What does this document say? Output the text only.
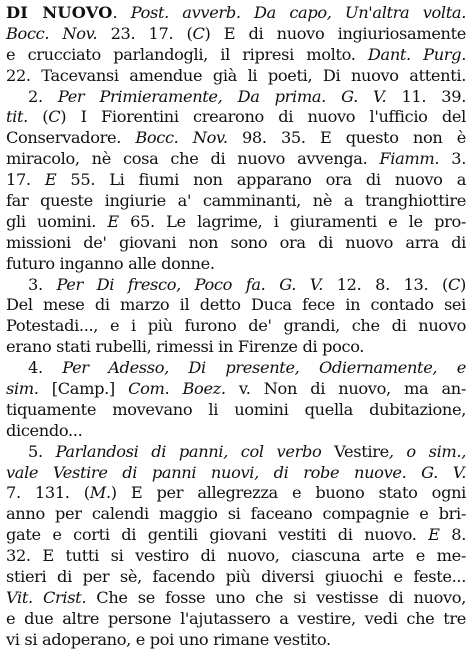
DI NUOVO. Post. avverb. Da capo, Un'altra volta.
Bocc. Nov. 23. 17. (C) E di nuovo ingiuriosamente
e crucciato parlandogli, il ripresi molto. Dant. Purg.
22. Tacevansi amendue già li poeti, Di nuovo attenti.
2. Per Primieramente, Da prima. G. V. 11. 39.
tit. (C) I Fiorentini crearono di nuovo l'ufficio del
Conservadore. Bocc. Nov. 98. 35. E questo non è
miracolo, nè cosa che di nuovo avvenga. Fiamm. 3.
17. E 55. Li fiumi non apparano ora di nuovo a
far queste ingiurie a' camminanti, nè a tranghiottire
gli uomini. E 65. Le lagrime, i giuramenti e le pro-
missioni de' giovani non sono ora di nuovo arra di
futuro inganno alle donne.
3. Per Di fresco, Poco fa. G. V. 12. 8. 13. (C)
Del mese di marzo il detto Duca fece in contado sei
Potestadi..., e i più furono de' grandi, che di nuovo
erano stati rubelli, rimessi in Firenze di poco.
4. Per Adesso, Di presente, Odiernamente, e
sim. [Camp.] Com. Boez. v. Non di nuovo, ma an-
tiquamente movevano li uomini quella dubitazione,
dicendo...
5. Parlandosi di panni, col verbo Vestire, o sim.,
vale Vestire di panni nuovi, di robe nuove. G. V.
7. 131. (M.) E per allegrezza e buono stato ogni
anno per calendi maggio si faceano compagnie e bri-
gate e corti di gentili giovani vestiti di nuovo. E 8.
32. E tutti si vestiro di nuovo, ciascuna arte e me-
stieri di per sè, facendo più diversi giuochi e feste...
Vit. Crist. Che se fosse uno che si vestisse di nuovo,
e due altre persone l'ajutassero a vestire, vedi che tre
vi si adoperano, e poi uno rimane vestito.
